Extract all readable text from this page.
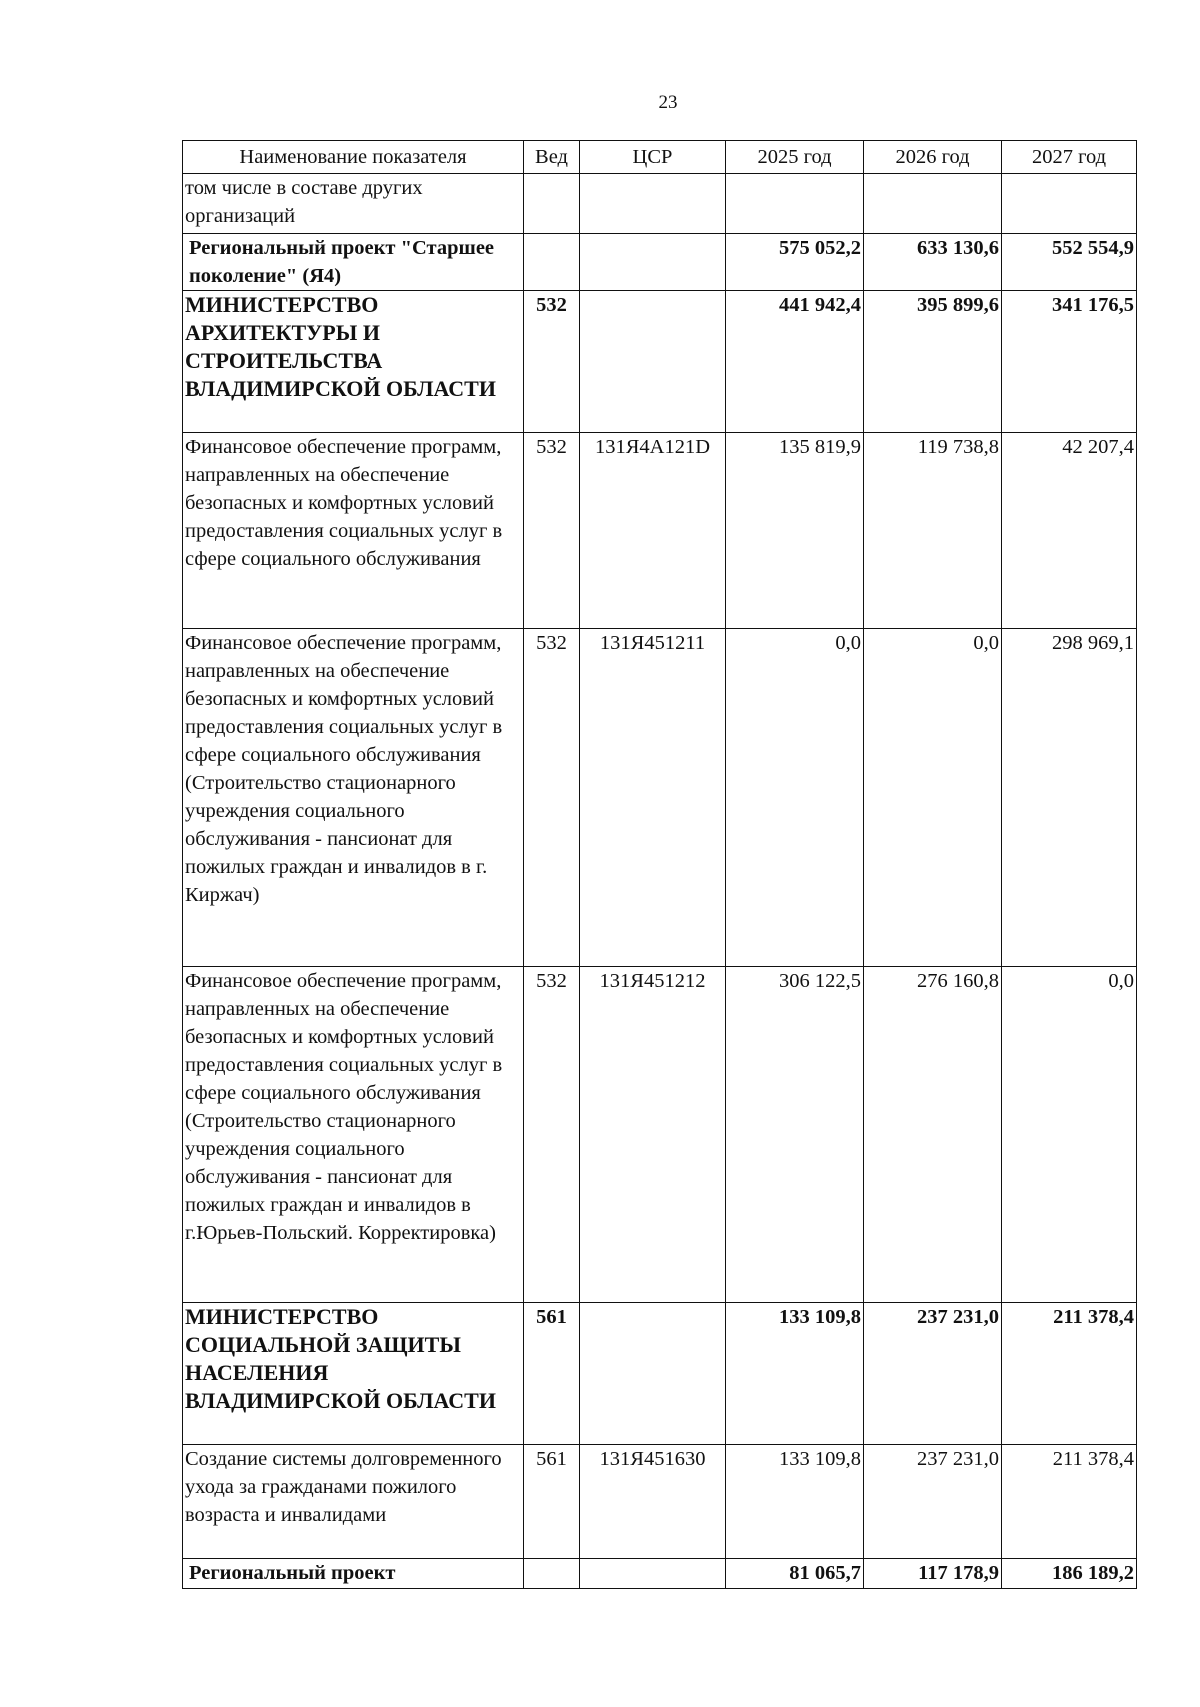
23
Наименование показателя	Вед	ЦСР	2025 год	2026 год	2027 год
том числе в составе других организаций					
Региональный проект "Старшее поколение" (Я4)			575 052,2	633 130,6	552 554,9
МИНИСТЕРСТВО АРХИТЕКТУРЫ И СТРОИТЕЛЬСТВА ВЛАДИМИРСКОЙ ОБЛАСТИ	532		441 942,4	395 899,6	341 176,5
Финансовое обеспечение программ, направленных на обеспечение безопасных и комфортных условий предоставления социальных услуг в сфере социального обслуживания	532	131Я4А121D	135 819,9	119 738,8	42 207,4
Финансовое обеспечение программ, направленных на обеспечение безопасных и комфортных условий предоставления социальных услуг в сфере социального обслуживания (Строительство стационарного учреждения социального обслуживания - пансионат для пожилых граждан и инвалидов в г. Киржач)	532	131Я451211	0,0	0,0	298 969,1
Финансовое обеспечение программ, направленных на обеспечение безопасных и комфортных условий предоставления социальных услуг в сфере социального обслуживания (Строительство стационарного учреждения социального обслуживания - пансионат для пожилых граждан и инвалидов в г.Юрьев-Польский. Корректировка)	532	131Я451212	306 122,5	276 160,8	0,0
МИНИСТЕРСТВО СОЦИАЛЬНОЙ ЗАЩИТЫ НАСЕЛЕНИЯ ВЛАДИМИРСКОЙ ОБЛАСТИ	561		133 109,8	237 231,0	211 378,4
Создание системы долговременного ухода за гражданами пожилого возраста и инвалидами	561	131Я451630	133 109,8	237 231,0	211 378,4
Региональный проект			81 065,7	117 178,9	186 189,2
